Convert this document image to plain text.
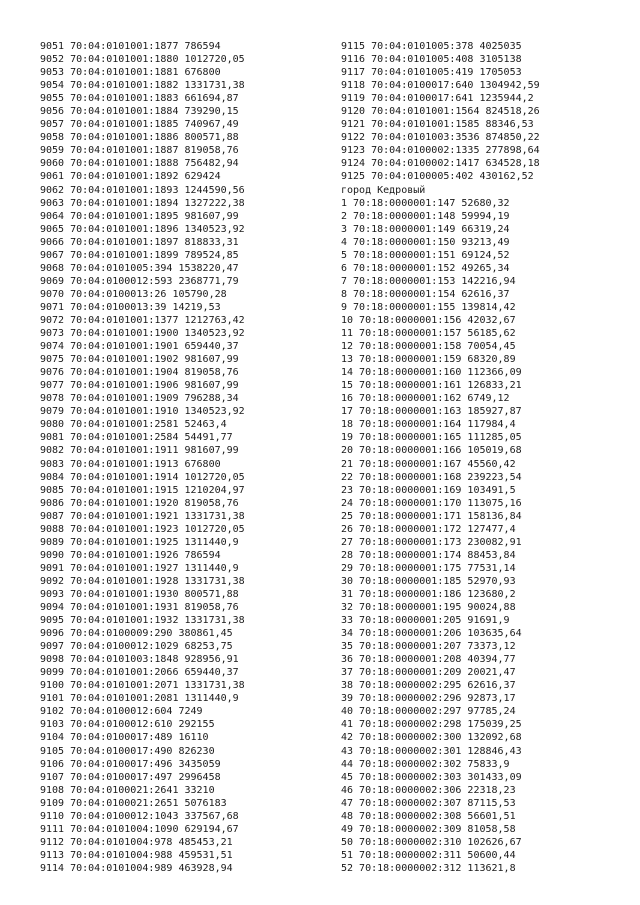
9051 70:04:0101001:1877 786594
9052 70:04:0101001:1880 1012720,05
9053 70:04:0101001:1881 676800
9054 70:04:0101001:1882 1331731,38
9055 70:04:0101001:1883 661694,87
9056 70:04:0101001:1884 739290,15
9057 70:04:0101001:1885 740967,49
9058 70:04:0101001:1886 800571,88
9059 70:04:0101001:1887 819058,76
9060 70:04:0101001:1888 756482,94
9061 70:04:0101001:1892 629424
9062 70:04:0101001:1893 1244590,56
9063 70:04:0101001:1894 1327222,38
9064 70:04:0101001:1895 981607,99
9065 70:04:0101001:1896 1340523,92
9066 70:04:0101001:1897 818833,31
9067 70:04:0101001:1899 789524,85
9068 70:04:0101005:394 1538220,47
9069 70:04:0100012:593 2368771,79
9070 70:04:0100013:26 105790,28
9071 70:04:0100013:39 14219,53
9072 70:04:0101001:1377 1212763,42
9073 70:04:0101001:1900 1340523,92
9074 70:04:0101001:1901 659440,37
9075 70:04:0101001:1902 981607,99
9076 70:04:0101001:1904 819058,76
9077 70:04:0101001:1906 981607,99
9078 70:04:0101001:1909 796288,34
9079 70:04:0101001:1910 1340523,92
9080 70:04:0101001:2581 52463,4
9081 70:04:0101001:2584 54491,77
9082 70:04:0101001:1911 981607,99
9083 70:04:0101001:1913 676800
9084 70:04:0101001:1914 1012720,05
9085 70:04:0101001:1915 1210204,97
9086 70:04:0101001:1920 819058,76
9087 70:04:0101001:1921 1331731,38
9088 70:04:0101001:1923 1012720,05
9089 70:04:0101001:1925 1311440,9
9090 70:04:0101001:1926 786594
9091 70:04:0101001:1927 1311440,9
9092 70:04:0101001:1928 1331731,38
9093 70:04:0101001:1930 800571,88
9094 70:04:0101001:1931 819058,76
9095 70:04:0101001:1932 1331731,38
9096 70:04:0100009:290 380861,45
9097 70:04:0100012:1029 68253,75
9098 70:04:0101003:1848 928956,91
9099 70:04:0101001:2066 659440,37
9100 70:04:0101001:2071 1331731,38
9101 70:04:0101001:2081 1311440,9
9102 70:04:0100012:604 7249
9103 70:04:0100012:610 292155
9104 70:04:0100017:489 16110
9105 70:04:0100017:490 826230
9106 70:04:0100017:496 3435059
9107 70:04:0100017:497 2996458
9108 70:04:0100021:2641 33210
9109 70:04:0100021:2651 5076183
9110 70:04:0100012:1043 337567,68
9111 70:04:0101004:1090 629194,67
9112 70:04:0101004:978 485453,21
9113 70:04:0101004:988 459531,51
9114 70:04:0101004:989 463928,94
9115 70:04:0101005:378 4025035
9116 70:04:0101005:408 3105138
9117 70:04:0101005:419 1705053
9118 70:04:0100017:640 1304942,59
9119 70:04:0100017:641 1235944,2
9120 70:04:0101001:1564 824518,26
9121 70:04:0101001:1585 88346,53
9122 70:04:0101003:3536 874850,22
9123 70:04:0100002:1335 277898,64
9124 70:04:0100002:1417 634528,18
9125 70:04:0100005:402 430162,52
город Кедровый
1 70:18:0000001:147 52680,32
2 70:18:0000001:148 59994,19
3 70:18:0000001:149 66319,24
4 70:18:0000001:150 93213,49
5 70:18:0000001:151 69124,52
6 70:18:0000001:152 49265,34
7 70:18:0000001:153 142216,94
8 70:18:0000001:154 62616,37
9 70:18:0000001:155 139814,42
10 70:18:0000001:156 42032,67
11 70:18:0000001:157 56185,62
12 70:18:0000001:158 70054,45
13 70:18:0000001:159 68320,89
14 70:18:0000001:160 112366,09
15 70:18:0000001:161 126833,21
16 70:18:0000001:162 6749,12
17 70:18:0000001:163 185927,87
18 70:18:0000001:164 117984,4
19 70:18:0000001:165 111285,05
20 70:18:0000001:166 105019,68
21 70:18:0000001:167 45560,42
22 70:18:0000001:168 239223,54
23 70:18:0000001:169 103491,5
24 70:18:0000001:170 113075,16
25 70:18:0000001:171 158136,84
26 70:18:0000001:172 127477,4
27 70:18:0000001:173 230082,91
28 70:18:0000001:174 88453,84
29 70:18:0000001:175 77531,14
30 70:18:0000001:185 52970,93
31 70:18:0000001:186 123680,2
32 70:18:0000001:195 90024,88
33 70:18:0000001:205 91691,9
34 70:18:0000001:206 103635,64
35 70:18:0000001:207 73373,12
36 70:18:0000001:208 40394,77
37 70:18:0000001:209 20021,47
38 70:18:0000002:295 62616,37
39 70:18:0000002:296 92873,17
40 70:18:0000002:297 97785,24
41 70:18:0000002:298 175039,25
42 70:18:0000002:300 132092,68
43 70:18:0000002:301 128846,43
44 70:18:0000002:302 75833,9
45 70:18:0000002:303 301433,09
46 70:18:0000002:306 22318,23
47 70:18:0000002:307 87115,53
48 70:18:0000002:308 56601,51
49 70:18:0000002:309 81058,58
50 70:18:0000002:310 102626,67
51 70:18:0000002:311 50600,44
52 70:18:0000002:312 113621,8
